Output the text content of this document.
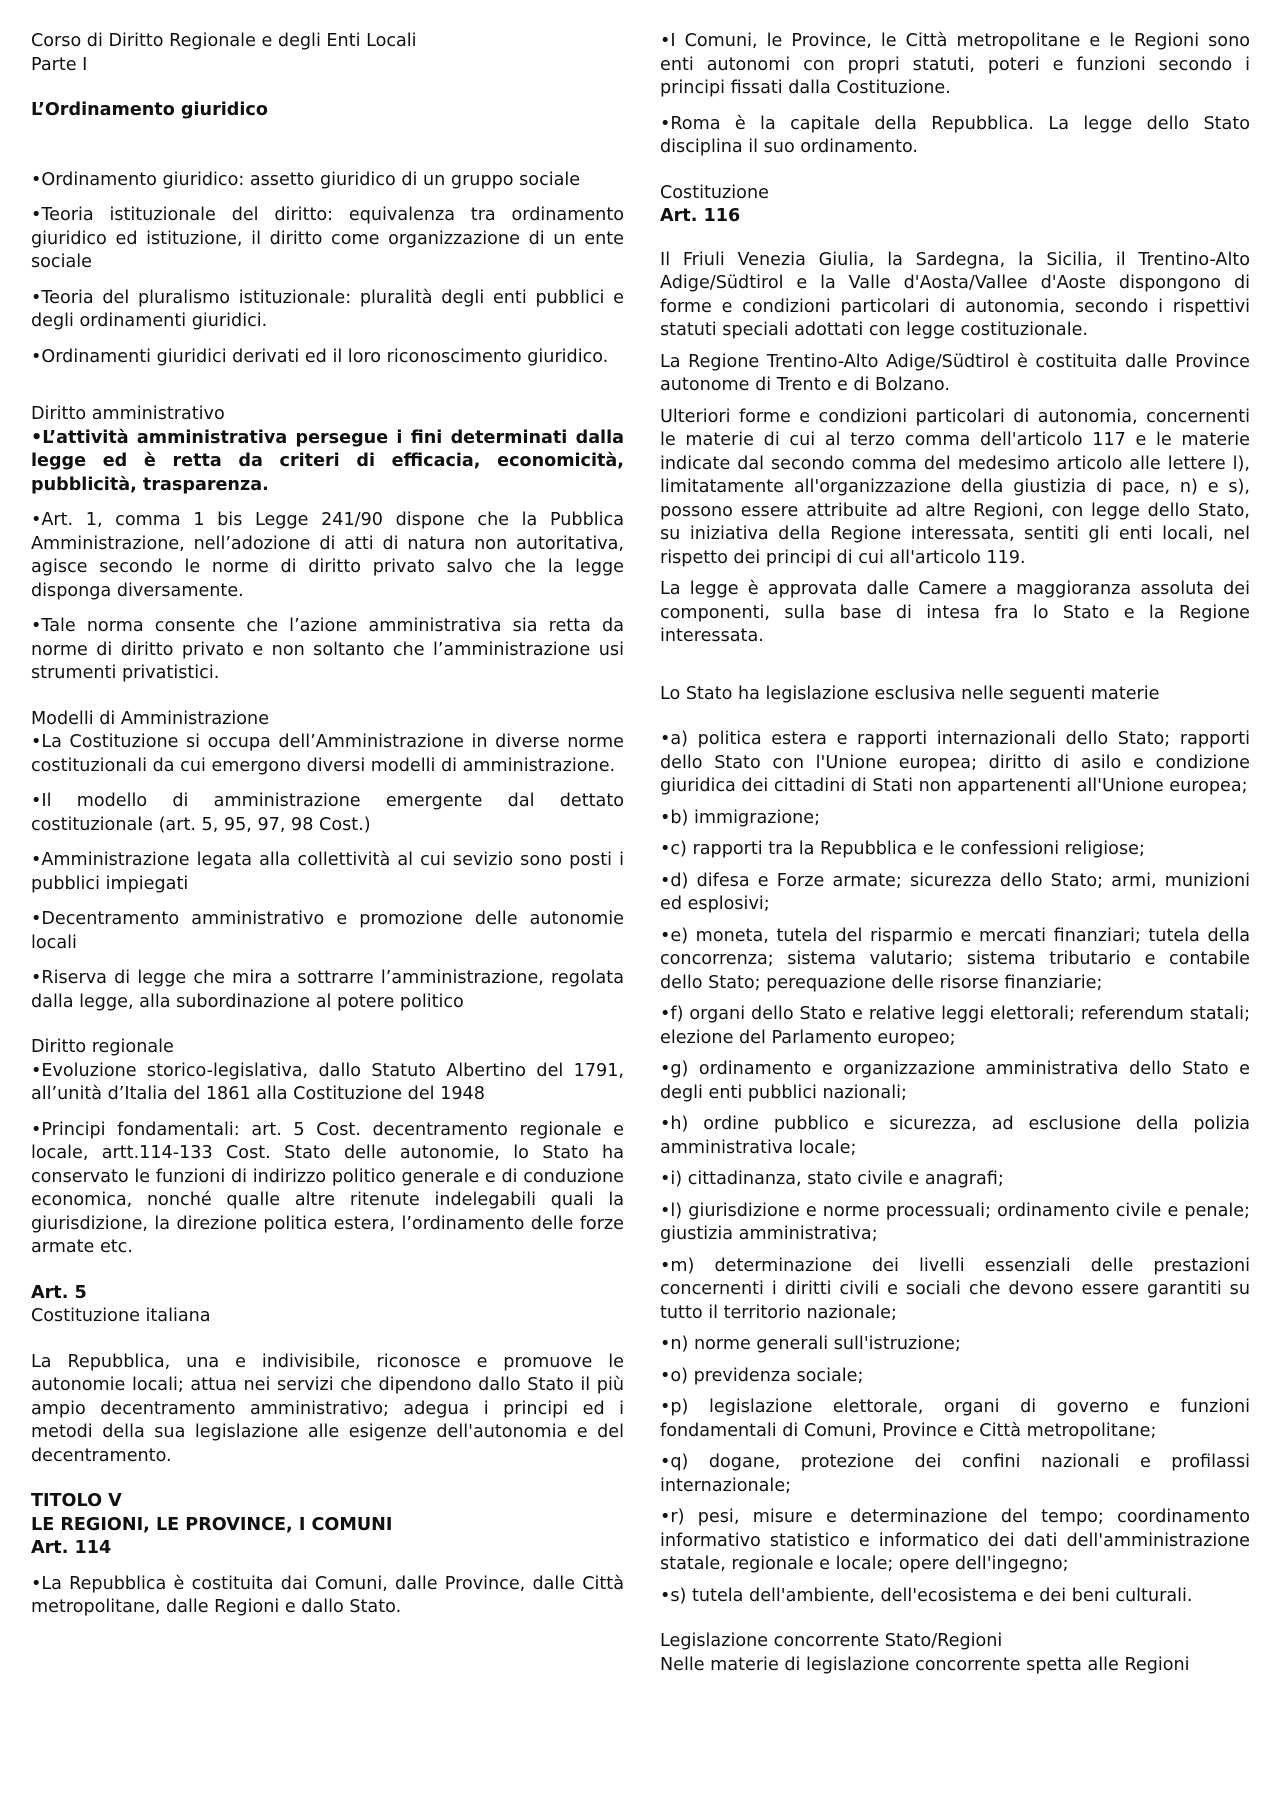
Corso di Diritto Regionale e degli Enti Locali

Parte I

L’Ordinamento giuridico

•Ordinamento giuridico: assetto giuridico di un gruppo sociale

•Teoria istituzionale del diritto: equivalenza tra ordinamento giuridico ed istituzione, il diritto come organizzazione di un ente sociale

•Teoria del pluralismo istituzionale: pluralità degli enti pubblici e degli ordinamenti giuridici.

•Ordinamenti giuridici derivati ed il loro riconoscimento giuridico.

Diritto amministrativo

•L’attività amministrativa persegue i fini determinati dalla legge ed è retta da criteri di efficacia, economicità, pubblicità, trasparenza.

•Art. 1, comma 1 bis Legge 241/90 dispone che la Pubblica Amministrazione, nell’adozione di atti di natura non autoritativa, agisce secondo le norme di diritto privato salvo che la legge disponga diversamente.

•Tale norma consente che l’azione amministrativa sia retta da norme di diritto privato e non soltanto che l’amministrazione usi strumenti privatistici.

Modelli di Amministrazione

•La Costituzione si occupa dell’Amministrazione in diverse norme costituzionali da cui emergono diversi modelli di amministrazione.

•Il modello di amministrazione emergente dal dettato costituzionale (art. 5, 95, 97, 98 Cost.)

•Amministrazione legata alla collettività al cui sevizio sono posti i pubblici impiegati

•Decentramento amministrativo e promozione delle autonomie locali

•Riserva di legge che mira a sottrarre l’amministrazione, regolata dalla legge, alla subordinazione al potere politico

Diritto regionale

•Evoluzione storico-legislativa, dallo Statuto Albertino del 1791, all’unità d’Italia del 1861 alla Costituzione del 1948

•Principi fondamentali: art. 5 Cost. decentramento regionale e locale, artt.114-133 Cost. Stato delle autonomie, lo Stato ha conservato le funzioni di indirizzo politico generale e di conduzione economica, nonché qualle altre ritenute indelegabili quali la giurisdizione, la direzione politica estera, l’ordinamento delle forze armate etc.

Art. 5

Costituzione italiana

La Repubblica, una e indivisibile, riconosce e promuove le autonomie locali; attua nei servizi che dipendono dallo Stato il più ampio decentramento amministrativo; adegua i principi ed i metodi della sua legislazione alle esigenze dell'autonomia e del decentramento.

TITOLO V

LE REGIONI, LE PROVINCE, I COMUNI

Art. 114

•La Repubblica è costituita dai Comuni, dalle Province, dalle Città metropolitane, dalle Regioni e dallo Stato.

•I Comuni, le Province, le Città metropolitane e le Regioni sono enti autonomi con propri statuti, poteri e funzioni secondo i principi fissati dalla Costituzione.

•Roma è la capitale della Repubblica. La legge dello Stato disciplina il suo ordinamento.

Costituzione

Art. 116

Il Friuli Venezia Giulia, la Sardegna, la Sicilia, il Trentino-Alto Adige/Südtirol e la Valle d'Aosta/Vallee d'Aoste dispongono di forme e condizioni particolari di autonomia, secondo i rispettivi statuti speciali adottati con legge costituzionale.

La Regione Trentino-Alto Adige/Südtirol è costituita dalle Province autonome di Trento e di Bolzano.

Ulteriori forme e condizioni particolari di autonomia, concernenti le materie di cui al terzo comma dell'articolo 117 e le materie indicate dal secondo comma del medesimo articolo alle lettere l), limitatamente all'organizzazione della giustizia di pace, n) e s), possono essere attribuite ad altre Regioni, con legge dello Stato, su iniziativa della Regione interessata, sentiti gli enti locali, nel rispetto dei principi di cui all'articolo 119.

La legge è approvata dalle Camere a maggioranza assoluta dei componenti, sulla base di intesa fra lo Stato e la Regione interessata.

Lo Stato ha legislazione esclusiva nelle seguenti materie

•a) politica estera e rapporti internazionali dello Stato; rapporti dello Stato con l'Unione europea; diritto di asilo e condizione giuridica dei cittadini di Stati non appartenenti all'Unione europea;

•b) immigrazione;

•c) rapporti tra la Repubblica e le confessioni religiose;

•d) difesa e Forze armate; sicurezza dello Stato; armi, munizioni ed esplosivi;

•e) moneta, tutela del risparmio e mercati finanziari; tutela della concorrenza; sistema valutario; sistema tributario e contabile dello Stato; perequazione delle risorse finanziarie;

•f) organi dello Stato e relative leggi elettorali; referendum statali; elezione del Parlamento europeo;

•g) ordinamento e organizzazione amministrativa dello Stato e degli enti pubblici nazionali;

•h) ordine pubblico e sicurezza, ad esclusione della polizia amministrativa locale;

•i) cittadinanza, stato civile e anagrafi;

•l) giurisdizione e norme processuali; ordinamento civile e penale; giustizia amministrativa;

•m) determinazione dei livelli essenziali delle prestazioni concernenti i diritti civili e sociali che devono essere garantiti su tutto il territorio nazionale;

•n) norme generali sull'istruzione;

•o) previdenza sociale;

•p) legislazione elettorale, organi di governo e funzioni fondamentali di Comuni, Province e Città metropolitane;

•q) dogane, protezione dei confini nazionali e profilassi internazionale;

•r) pesi, misure e determinazione del tempo; coordinamento informativo statistico e informatico dei dati dell'amministrazione statale, regionale e locale; opere dell'ingegno;

•s) tutela dell'ambiente, dell'ecosistema e dei beni culturali.

Legislazione concorrente Stato/Regioni

Nelle materie di legislazione concorrente spetta alle Regioni
